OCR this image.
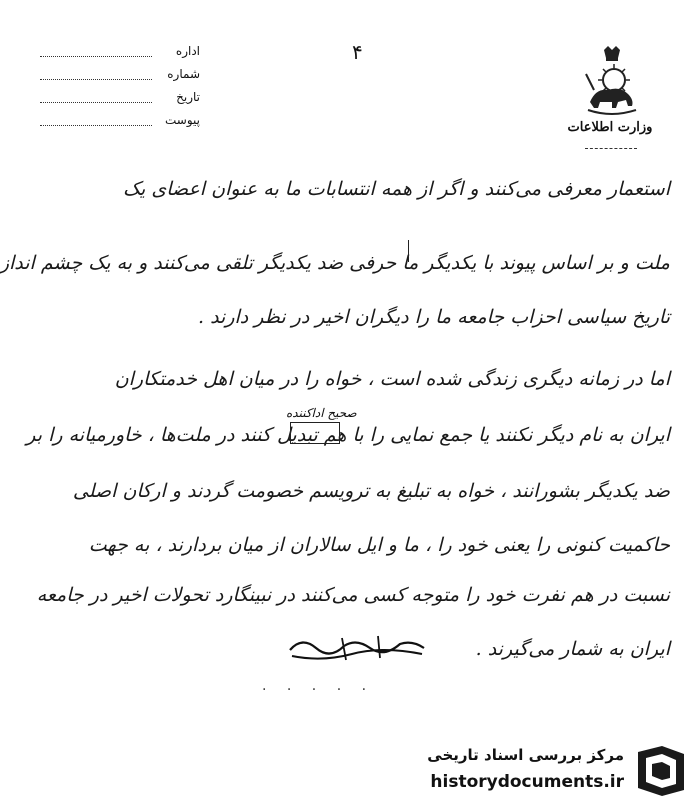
۴
اداره
شماره
تاریخ
پیوست	وزارت اطلاعات
استعمار معرفی می‌کنند و اگر از همه انتسابات ما به عنوان اعضای یک
ملت و بر اساس پیوند با یکدیگر ما حرفی ضد یکدیگر تلقی می‌کنند و به یک چشم انداز
تاریخ سیاسی احزاب جامعه ما را دیگران اخیر در نظر دارند .
اما در زمانه دیگری زندگی شده است ، خواه را در میان اهل خدمتکاران
ایران به نام دیگر نکنند یا جمع نمایی را با هم تبدیل کنند در ملت‌ها ، خاورمیانه را بر
ضد یکدیگر بشورانند ، خواه به تبلیغ به ترویسم خصومت گردند و ارکان اصلی
حاکمیت کنونی را یعنی خود را ، ما و ایل سالاران از میان بردارند ، به جهت
نسبت در هم نفرت خود را متوجه کسی می‌کنند در نبینگارد تحولات اخیر در جامعه
ایران به شمار می‌گیرند .
صحیح اداکننده
· · · · ·
مرکز بررسی اسناد تاریخی
historydocuments.ir
